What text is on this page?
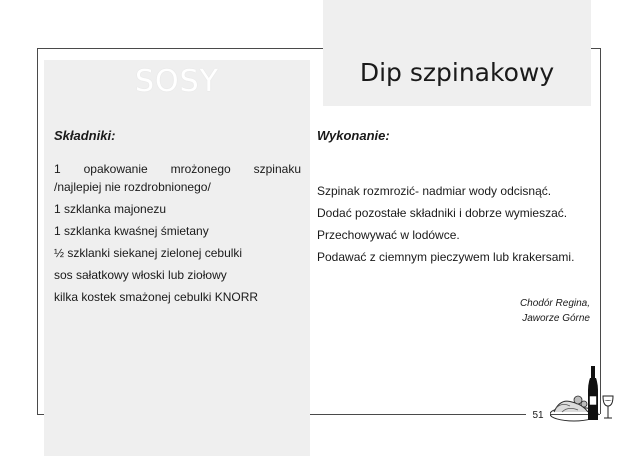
SOSY	Dip szpinakowy
Składniki:	Wykonanie:
1 opakowanie mrożonego szpinaku
/najlepiej nie rozdrobnionego/
1 szklanka majonezu
1 szklanka kwaśnej śmietany
½ szklanki siekanej zielonej cebulki
sos sałatkowy włoski lub ziołowy
kilka kostek smażonej cebulki KNORR
Szpinak rozmrozić- nadmiar wody odcisnąć.
Dodać pozostałe składniki i dobrze wymieszać.
Przechowywać w lodówce.
Podawać z ciemnym pieczywem lub krakersami.
Chodór Regina,
Jaworze Górne
51
